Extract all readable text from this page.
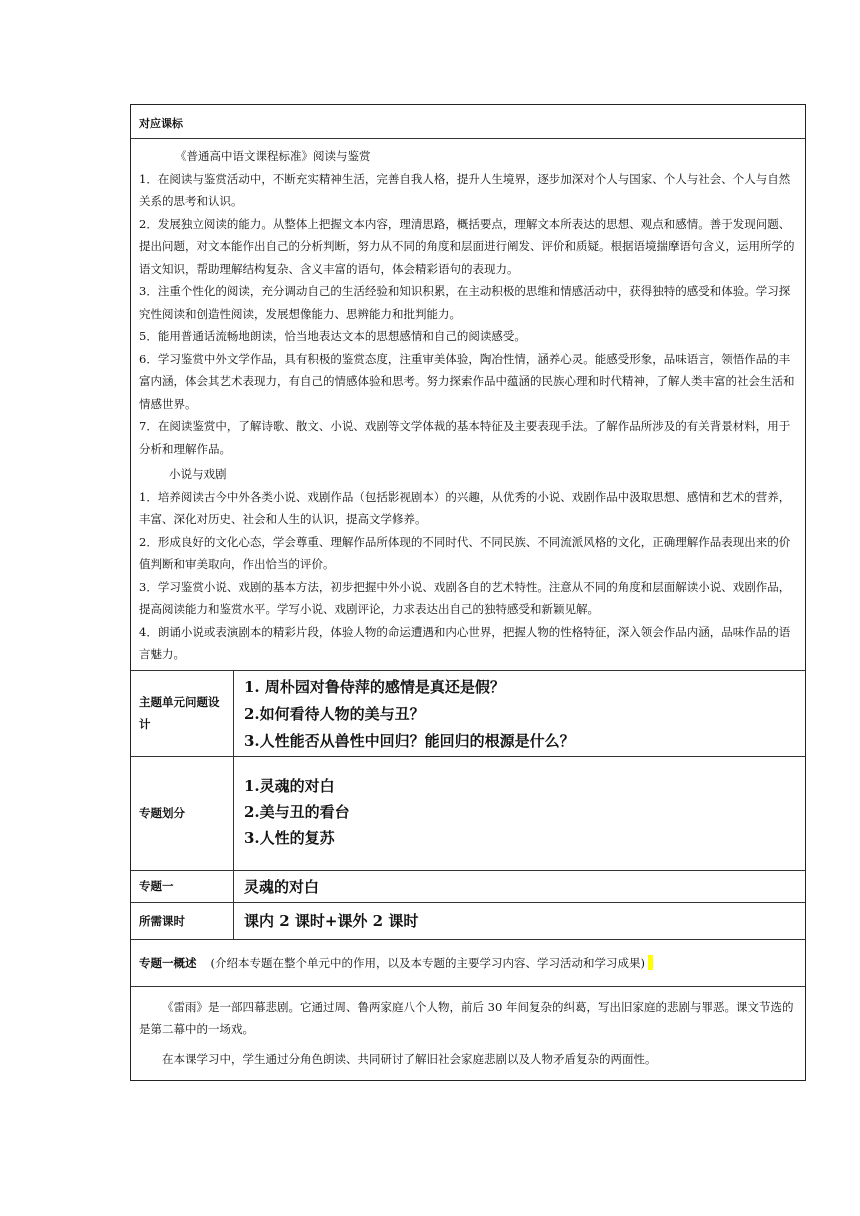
对应课标

《普通高中语文课程标准》阅读与鉴赏

1．在阅读与鉴赏活动中，不断充实精神生活，完善自我人格，提升人生境界，逐步加深对个人与国家、个人与社会、个人与自然关系的思考和认识。

2．发展独立阅读的能力。从整体上把握文本内容，理清思路，概括要点，理解文本所表达的思想、观点和感情。善于发现问题、提出问题，对文本能作出自己的分析判断，努力从不同的角度和层面进行阐发、评价和质疑。根据语境揣摩语句含义，运用所学的语文知识，帮助理解结构复杂、含义丰富的语句，体会精彩语句的表现力。

3．注重个性化的阅读，充分调动自己的生活经验和知识积累，在主动积极的思维和情感活动中，获得独特的感受和体验。学习探究性阅读和创造性阅读，发展想像能力、思辨能力和批判能力。

5．能用普通话流畅地朗读，恰当地表达文本的思想感情和自己的阅读感受。

6．学习鉴赏中外文学作品，具有积极的鉴赏态度，注重审美体验，陶冶性情，涵养心灵。能感受形象，品味语言，领悟作品的丰富内涵，体会其艺术表现力，有自己的情感体验和思考。努力探索作品中蕴涵的民族心理和时代精神，了解人类丰富的社会生活和情感世界。

7．在阅读鉴赏中，了解诗歌、散文、小说、戏剧等文学体裁的基本特征及主要表现手法。了解作品所涉及的有关背景材料，用于分析和理解作品。

小说与戏剧

1．培养阅读古今中外各类小说、戏剧作品（包括影视剧本）的兴趣，从优秀的小说、戏剧作品中汲取思想、感情和艺术的营养，丰富、深化对历史、社会和人生的认识，提高文学修养。

2．形成良好的文化心态，学会尊重、理解作品所体现的不同时代、不同民族、不同流派风格的文化，正确理解作品表现出来的价值判断和审美取向，作出恰当的评价。

3．学习鉴赏小说、戏剧的基本方法，初步把握中外小说、戏剧各自的艺术特性。注意从不同的角度和层面解读小说、戏剧作品，提高阅读能力和鉴赏水平。学写小说、戏剧评论，力求表达出自己的独特感受和新颖见解。

4．朗诵小说或表演剧本的精彩片段，体验人物的命运遭遇和内心世界，把握人物的性格特征，深入领会作品内涵，品味作品的语言魅力。

主题单元问题设计
1. 周朴园对鲁侍萍的感情是真还是假？
2.如何看待人物的美与丑？
3.人性能否从兽性中回归？能回归的根源是什么？
专题划分
1.灵魂的对白
2.美与丑的看台
3.人性的复苏
专题一	灵魂的对白
所需课时	课内 2 课时+课外 2 课时
专题一概述 (介绍本专题在整个单元中的作用，以及本专题的主要学习内容、学习活动和学习成果)

《雷雨》是一部四幕悲剧。它通过周、鲁两家庭八个人物，前后 30 年间复杂的纠葛，写出旧家庭的悲剧与罪恶。课文节选的是第二幕中的一场戏。

在本课学习中，学生通过分角色朗读、共同研讨了解旧社会家庭悲剧以及人物矛盾复杂的两面性。
